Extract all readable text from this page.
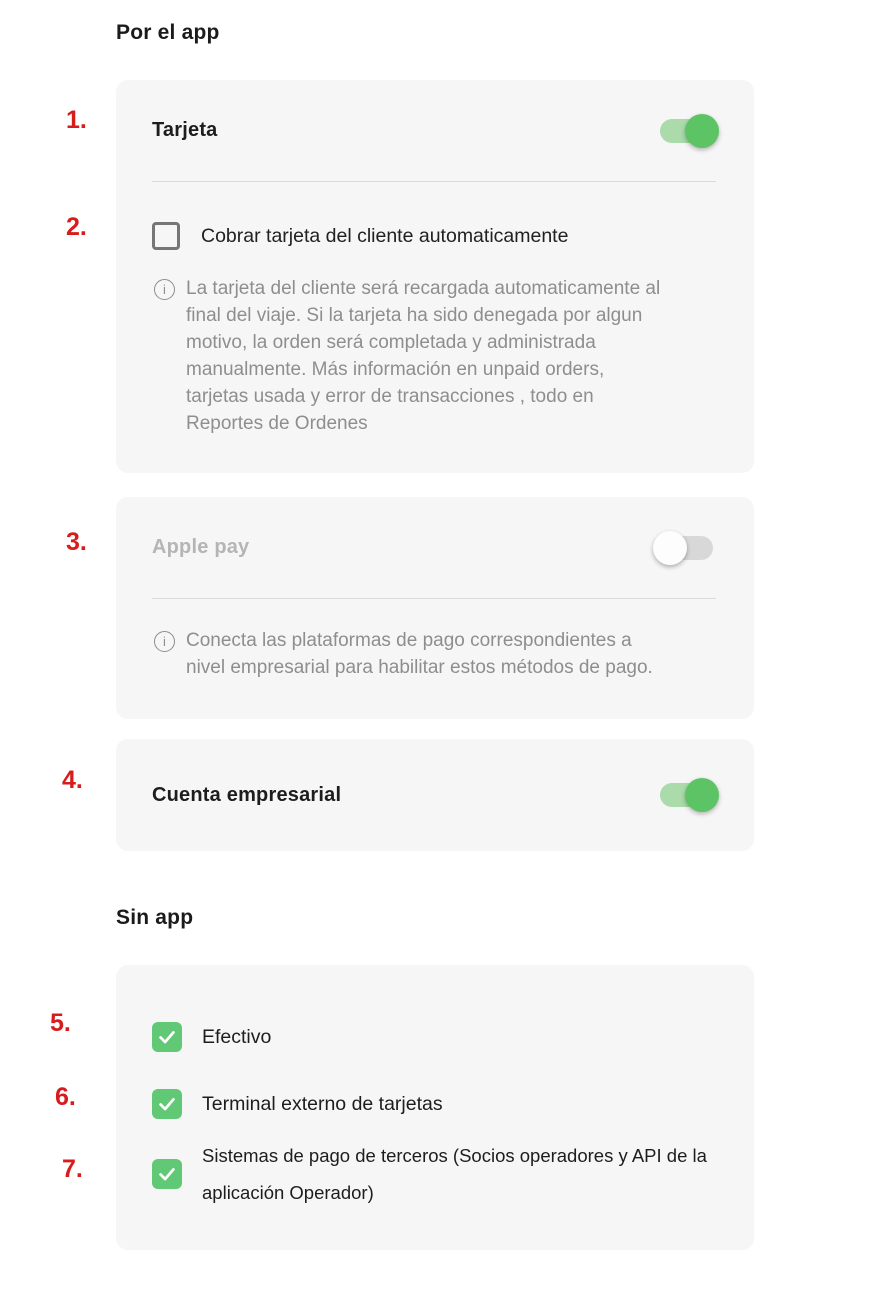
1.
2.
3.
4.
5.
6.
7.
Por el app
Tarjeta
Cobrar tarjeta del cliente automaticamente
i	La tarjeta del cliente será recargada automaticamente al
final del viaje. Si la tarjeta ha sido denegada por algun
motivo, la orden será completada y administrada
manualmente. Más información en unpaid orders,
tarjetas usada y error de transacciones , todo en
Reportes de Ordenes
Apple pay
i	Conecta las plataformas de pago correspondientes a
nivel empresarial para habilitar estos métodos de pago.
Cuenta empresarial
Sin app
Efectivo
Terminal externo de tarjetas
Sistemas de pago de terceros (Socios operadores y API de la aplicación Operador)
